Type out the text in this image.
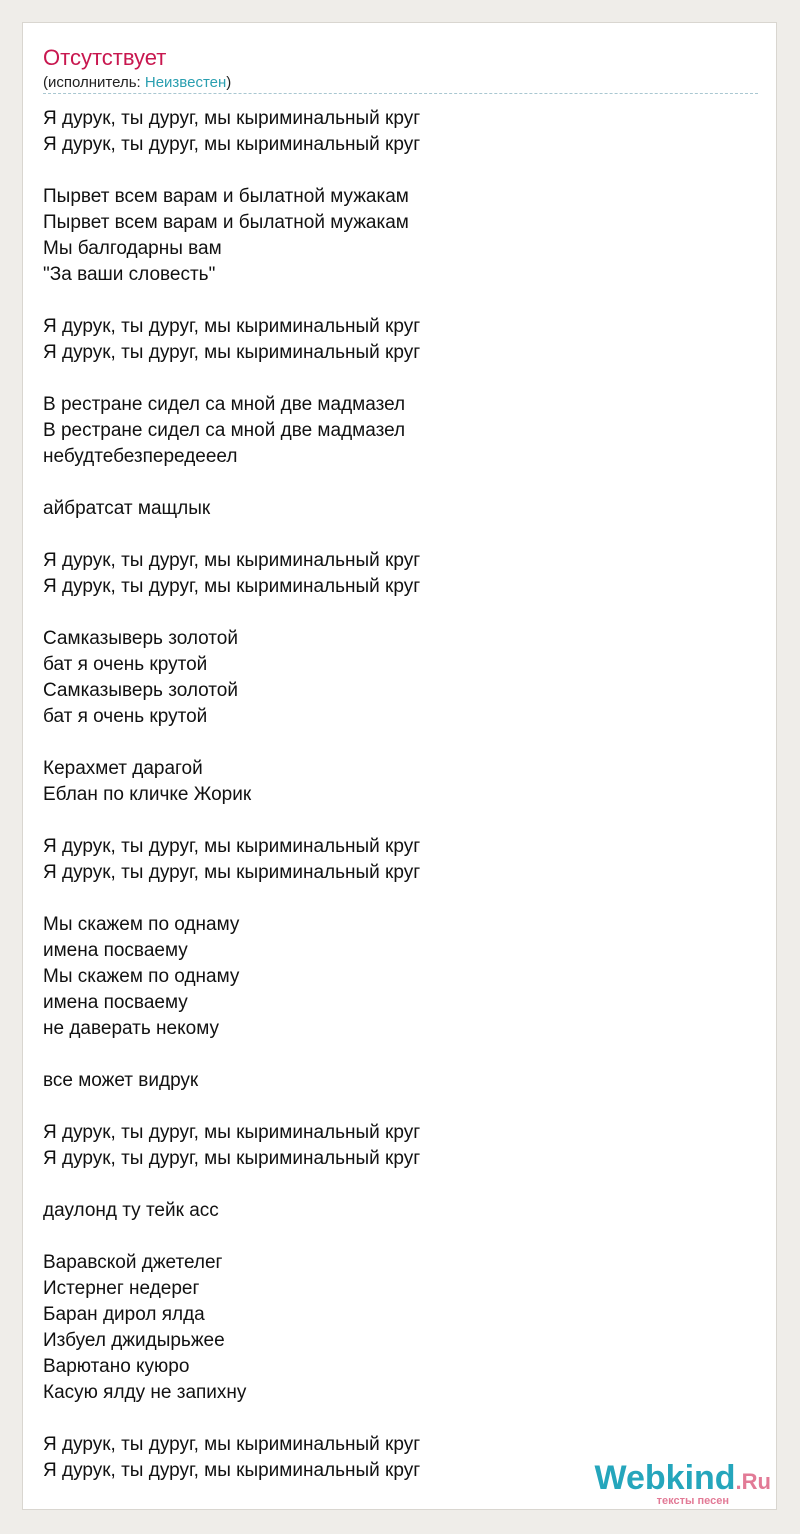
Отсутствует
(исполнитель: Неизвестен)
Я дурук, ты дуруг, мы кыриминальный круг
Я дурук, ты дуруг, мы кыриминальный круг
Пырвет всем варам и былатной мужакам
Пырвет всем варам и былатной мужакам
Мы балгодарны вам
"За ваши словесть"
Я дурук, ты дуруг, мы кыриминальный круг
Я дурук, ты дуруг, мы кыриминальный круг
В рестране сидел са мной две мадмазел
В рестране сидел са мной две мадмазел
небудтебезпередееел
айбратсат мащлык
Я дурук, ты дуруг, мы кыриминальный круг
Я дурук, ты дуруг, мы кыриминальный круг
Самказыверь золотой
бат я очень крутой
Самказыверь золотой
бат я очень крутой
Керахмет дарагой
Еблан по кличке Жорик
Я дурук, ты дуруг, мы кыриминальный круг
Я дурук, ты дуруг, мы кыриминальный круг
Мы скажем по однаму
имена посваему
Мы скажем по однаму
имена посваему
не даверать некому
все может видрук
Я дурук, ты дуруг, мы кыриминальный круг
Я дурук, ты дуруг, мы кыриминальный круг
даулонд ту тейк асс
Варавской джетелег
Истернег недерег
Баран дирол ялда
Избуел джидырьжее
Варютано куюро
Касую ялду не запихну
Я дурук, ты дуруг, мы кыриминальный круг
Я дурук, ты дуруг, мы кыриминальный круг	Webkind.Ru
тексты песен
